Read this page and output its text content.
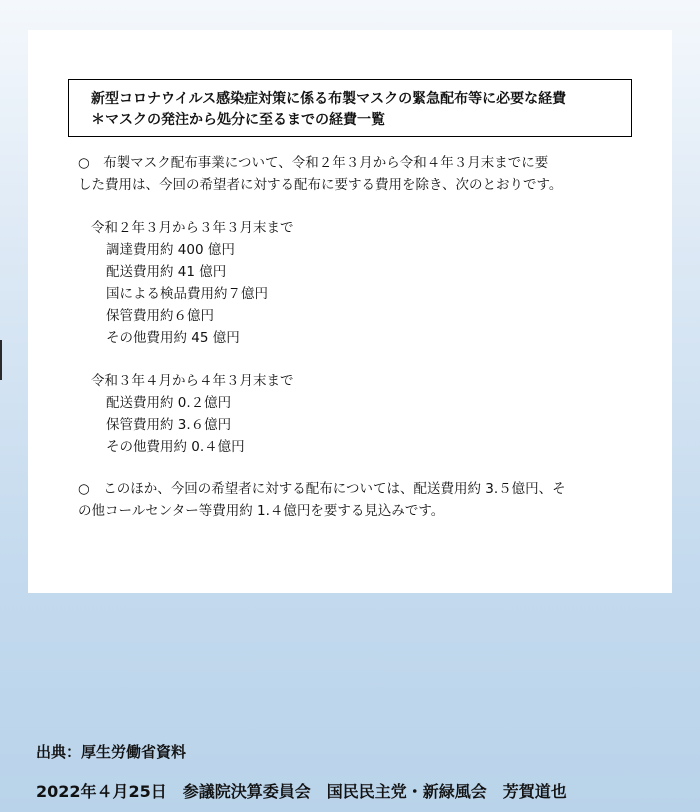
新型コロナウイルス感染症対策に係る布製マスクの緊急配布等に必要な経費
＊マスクの発注から処分に至るまでの経費一覧
○　布製マスク配布事業について、令和２年３月から令和４年３月末までに要
した費用は、今回の希望者に対する配布に要する費用を除き、次のとおりです。
令和２年３月から３年３月末まで
調達費用約 400 億円
配送費用約 41 億円
国による検品費用約７億円
保管費用約６億円
その他費用約 45 億円
令和３年４月から４年３月末まで
配送費用約 0.２億円
保管費用約 3.６億円
その他費用約 0.４億円
○　このほか、今回の希望者に対する配布については、配送費用約 3.５億円、そ
の他コールセンター等費用約 1.４億円を要する見込みです。
出典：厚生労働省資料
2022年４月25日　参議院決算委員会　国民民主党・新緑風会　芳賀道也
